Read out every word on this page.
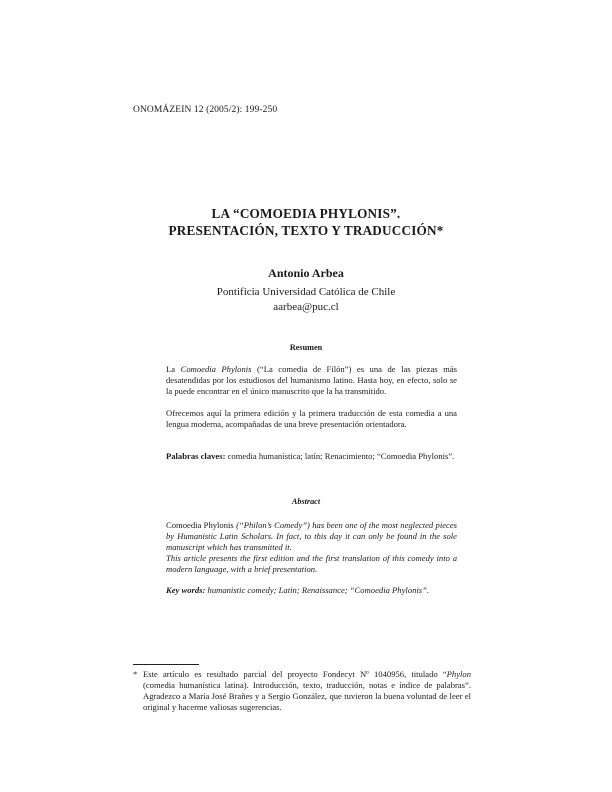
ONOMÁZEIN 12 (2005/2): 199-250
LA “COMOEDIA PHYLONIS”.
PRESENTACIÓN, TEXTO Y TRADUCCIÓN*
Antonio Arbea
Pontificia Universidad Católica de Chile
aarbea@puc.cl
Resumen

La Comoedia Phylonis (“La comedia de Filón”) es una de las piezas más desatendidas por los estudiosos del humanismo latino. Hasta hoy, en efecto, solo se la puede encontrar en el único manuscrito que la ha transmitido.

Ofrecemos aquí la primera edición y la primera traducción de esta comedia a una lengua moderna, acompañadas de una breve presentación orientadora.

Palabras claves: comedia humanística; latín; Renacimiento; “Comoedia Phylonis”.

Abstract

Comoedia Phylonis (“Philon’s Comedy”) has been one of the most neglected pieces by Humanistic Latin Scholars. In fact, to this day it can only be found in the sole manuscript which has transmitted it.

This article presents the first edition and the first translation of this comedy into a modern language, with a brief presentation.

Key words: humanistic comedy; Latin; Renaissance; “Comoedia Phylonis”.

* Este artículo es resultado parcial del proyecto Fondecyt Nº 1040956, titulado “Phylon (comedia humanística latina). Introducción, texto, traducción, notas e índice de palabras”. Agradezco a María José Brañes y a Sergio González, que tuvieron la buena voluntad de leer el original y hacerme valiosas sugerencias.
